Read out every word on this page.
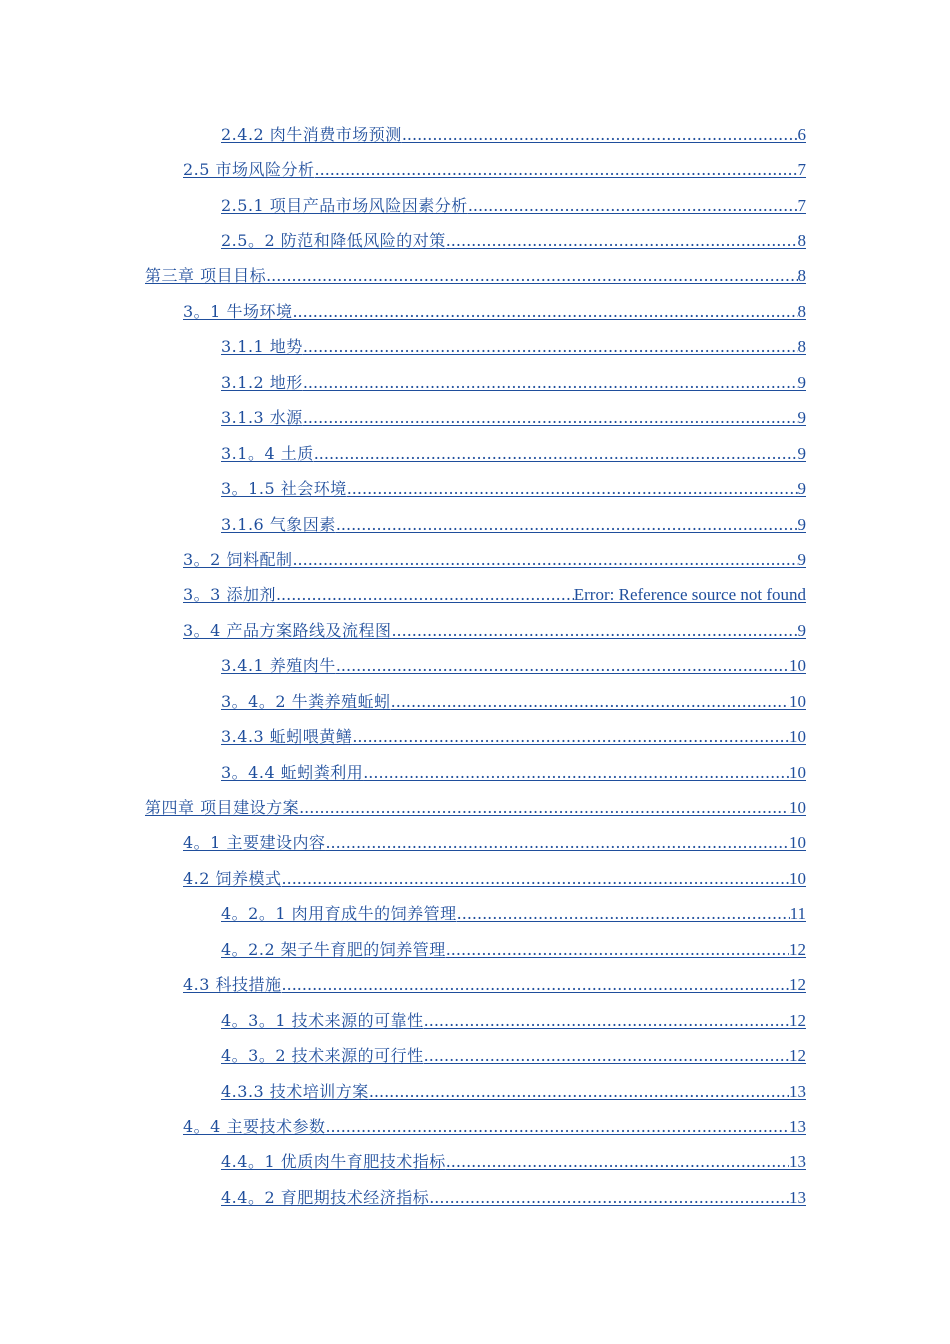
2.4.2 肉牛消费市场预测 .....	6
2.5 市场风险分析 .....	7
2.5.1 项目产品市场风险因素分析 .....	7
2.5。2 防范和降低风险的对策 .....	8
第三章 项目目标 .....	8
3。1 牛场环境 .....	8
3.1.1 地势 .....	8
3.1.2 地形 .....	9
3.1.3 水源 .....	9
3.1。4 土质 .....	9
3。1.5 社会环境 .....	9
3.1.6 气象因素 .....	9
3。2 饲料配制 .....	9
3。3 添加剂 .....	Error: Reference source not found
3。4 产品方案路线及流程图 .....	9
3.4.1 养殖肉牛 .....	10
3。4。2 牛粪养殖蚯蚓 .....	10
3.4.3 蚯蚓喂黄鳝 .....	10
3。4.4 蚯蚓粪利用 .....	10
第四章 项目建设方案 .....	10
4。1 主要建设内容 .....	10
4.2 饲养模式 .....	10
4。2。1 肉用育成牛的饲养管理 .....	11
4。2.2 架子牛育肥的饲养管理 .....	12
4.3 科技措施 .....	12
4。3。1 技术来源的可靠性 .....	12
4。3。2 技术来源的可行性 .....	12
4.3.3 技术培训方案 .....	13
4。4 主要技术参数 .....	13
4.4。1 优质肉牛育肥技术指标 .....	13
4.4。2 育肥期技术经济指标 .....	13
